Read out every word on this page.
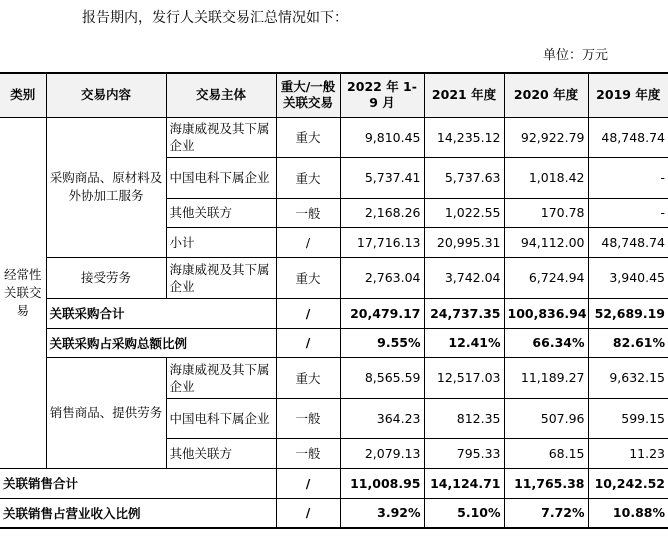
报告期内，发行人关联交易汇总情况如下：
单位：万元
类别	交易内容	交易主体	重大/一般关联交易	2022 年 1-9 月	2021 年度	2020 年度	2019 年度
经常性关联交易	采购商品、原材料及外协加工服务	海康威视及其下属企业	重大	9,810.45	14,235.12	92,922.79	48,748.74
		中国电科下属企业	重大	5,737.41	5,737.63	1,018.42	-
		其他关联方	一般	2,168.26	1,022.55	170.78	-
		小计	/	17,716.13	20,995.31	94,112.00	48,748.74
	接受劳务	海康威视及其下属企业	重大	2,763.04	3,742.04	6,724.94	3,940.45
	关联采购合计		/	20,479.17	24,737.35	100,836.94	52,689.19
	关联采购占采购总额比例		/	9.55%	12.41%	66.34%	82.61%
	销售商品、提供劳务	海康威视及其下属企业	重大	8,565.59	12,517.03	11,189.27	9,632.15
		中国电科下属企业	一般	364.23	812.35	507.96	599.15
		其他关联方	一般	2,079.13	795.33	68.15	11.23
关联销售合计			/	11,008.95	14,124.71	11,765.38	10,242.52
关联销售占营业收入比例			/	3.92%	5.10%	7.72%	10.88%
